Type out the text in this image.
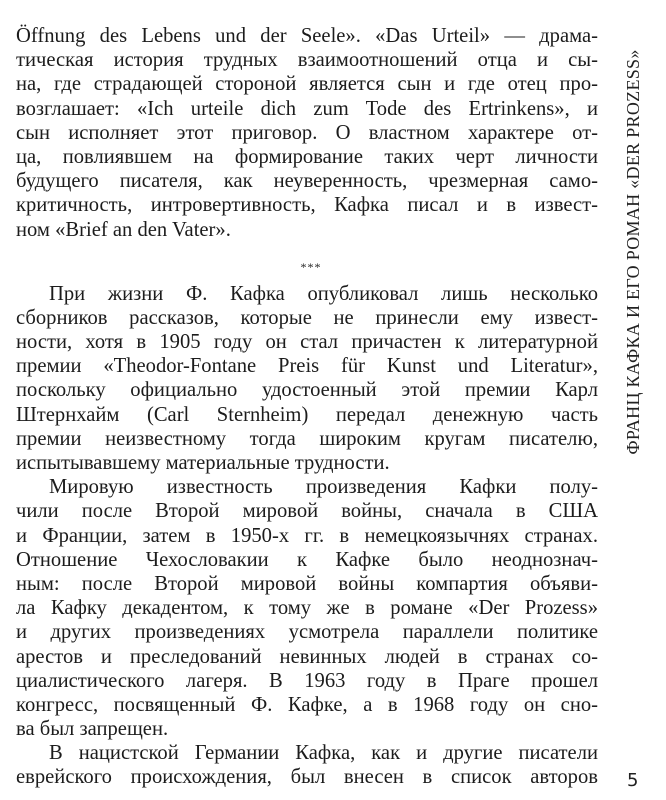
Öffnung des Lebens und der Seele». «Das Urteil» — драма-
тическая история трудных взаимоотношений отца и сы-
на, где страдающей стороной является сын и где отец про-
возглашает: «Ich urteile dich zum Tode des Ertrinkens», и
сын исполняет этот приговор. О властном характере от-
ца, повлиявшем на формирование таких черт личности
будущего писателя, как неуверенность, чрезмерная само-
критичность, интровертивность, Кафка писал и в извест-
ном «Brief an den Vater».

***

При жизни Ф. Кафка опубликовал лишь несколько
сборников рассказов, которые не принесли ему извест-
ности, хотя в 1905 году он стал причастен к литературной
премии «Theodor-Fontane Preis für Kunst und Literatur»,
поскольку официально удостоенный этой премии Карл
Штернхайм (Carl Sternheim) передал денежную часть
премии неизвестному тогда широким кругам писателю,
испытывавшему материальные трудности.

Мировую известность произведения Кафки полу-
чили после Второй мировой войны, сначала в США
и Франции, затем в 1950-х гг. в немецкоязычнях странах.
Отношение Чехословакии к Кафке было неоднознач-
ным: после Второй мировой войны компартия объяви-
ла Кафку декадентом, к тому же в романе «Der Prozess»
и других произведениях усмотрела параллели политике
арестов и преследований невинных людей в странах со-
циалистического лагеря. В 1963 году в Праге прошел
конгресс, посвященный Ф. Кафке, а в 1968 году он сно-
ва был запрещен.

В нацистской Германии Кафка, как и другие писатели
еврейского происхождения, был внесен в список авторов

ФРАНЦ КАФКА И ЕГО РОМАН «DER PROZESS»
5
